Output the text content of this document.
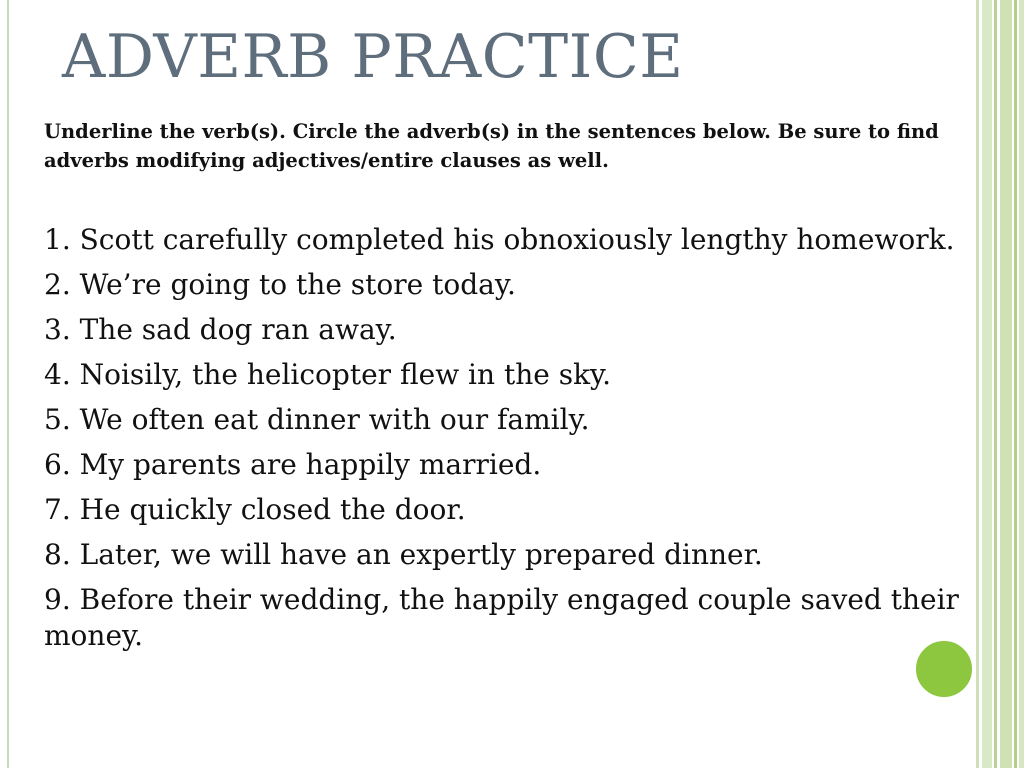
ADVERB PRACTICE

Underline the verb(s). Circle the adverb(s) in the sentences below. Be sure to find adverbs modifying adjectives/entire clauses as well.

1. Scott carefully completed his obnoxiously lengthy homework.
2. We’re going to the store today.
3. The sad dog ran away.
4. Noisily, the helicopter flew in the sky.
5. We often eat dinner with our family.
6. My parents are happily married.
7. He quickly closed the door.
8. Later, we will have an expertly prepared dinner.
9. Before their wedding, the happily engaged couple saved their money.
